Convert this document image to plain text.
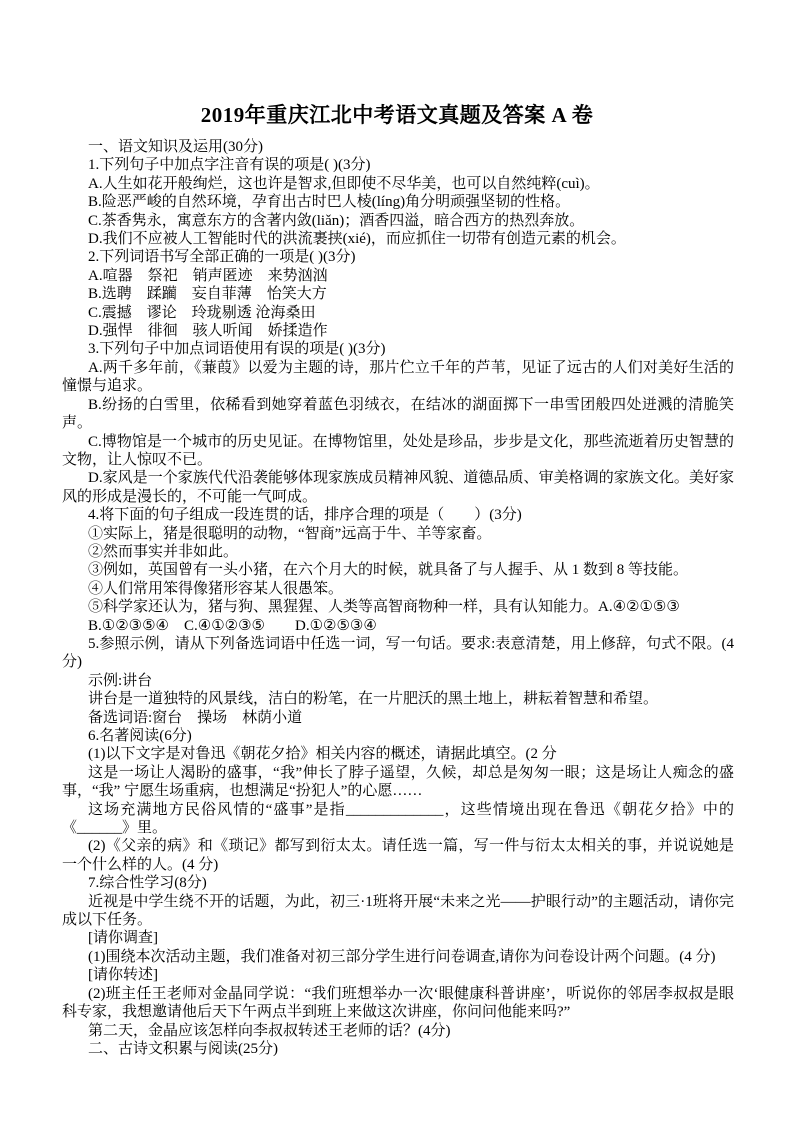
2019年重庆江北中考语文真题及答案 A 卷

一、语文知识及运用(30分)

1.下列句子中加点字注音有误的项是( )(3分)

A.人生如花开般绚烂，这也许是智求,但即使不尽华美，也可以自然纯粹(cuì)。

B.险恶严峻的自然环境，孕育出古时巴人棱(líng)角分明顽强坚韧的性格。

C.茶香隽永，寓意东方的含著内敛(liǎn)；酒香四溢，暗合西方的热烈奔放。

D.我们不应被人工智能时代的洪流裹挟(xié)，而应抓住一切带有创造元素的机会。

2.下列词语书写全部正确的一项是( )(3分)

A.喧器　祭祀　销声匿迹　来势汹汹

B.选聘　蹂躏　妄自菲薄　怡笑大方

C.震撼　谬论　玲珑剔透 沧海桑田

D.强悍　徘徊　骇人听闻　娇揉造作

3.下列句子中加点词语使用有误的项是( )(3分)

A.两千多年前，《蒹葭》以爱为主题的诗，那片伫立千年的芦苇，见证了远古的人们对美好生活的憧憬与追求。

B.纷扬的白雪里，依稀看到她穿着蓝色羽绒衣，在结冰的湖面掷下一串雪团般四处迸溅的清脆笑声。

C.博物馆是一个城市的历史见证。在博物馆里，处处是珍品，步步是文化，那些流逝着历史智慧的文物，让人惊叹不已。

D.家风是一个家族代代沿袭能够体现家族成员精神风貌、道德品质、审美格调的家族文化。美好家风的形成是漫长的，不可能一气呵成。

4.将下面的句子组成一段连贯的话，排序合理的项是（　　）(3分)

①实际上，猪是很聪明的动物，“智商”远高于牛、羊等家畜。

②然而事实并非如此。

③例如，英国曾有一头小猪，在六个月大的时候，就具备了与人握手、从 1 数到 8 等技能。

④人们常用笨得像猪形容某人很愚笨。

⑤科学家还认为，猪与狗、黑猩猩、人类等高智商物种一样，具有认知能力。A.④②①⑤③

B.①②③⑤④　C.④①②③⑤　　D.①②⑤③④

5.参照示例，请从下列备选词语中任选一词，写一句话。要求:表意清楚，用上修辞，句式不限。(4分)

示例:讲台

讲台是一道独特的风景线，洁白的粉笔，在一片肥沃的黑土地上，耕耘着智慧和希望。

备选词语:窗台　操场　林荫小道

6.名著阅读(6分)

(1)以下文字是对鲁迅《朝花夕拾》相关内容的概述，请据此填空。(2 分

这是一场让人渴盼的盛事，“我”伸长了脖子遥望，久候，却总是匆匆一眼；这是场让人痴念的盛事，“我” 宁愿生场重病，也想满足“扮犯人”的心愿……

这场充满地方民俗风情的“盛事”是指_____________，这些情境出现在鲁迅《朝花夕拾》中的《______》里。

(2)《父亲的病》和《琐记》都写到衍太太。请任选一篇，写一件与衍太太相关的事，并说说她是一个什么样的人。(4 分)

7.综合性学习(8分)

近视是中学生绕不开的话题，为此，初三·1班将开展“未来之光——护眼行动”的主题活动，请你完成以下任务。

[请你调查]

(1)围绕本次活动主题，我们准备对初三部分学生进行问卷调查,请你为问卷设计两个问题。(4 分)

[请你转述]

(2)班主任王老师对金晶同学说：“我们班想举办一次‘眼健康科普讲座’，听说你的邻居李叔叔是眼科专家，我想邀请他后天下午两点半到班上来做这次讲座，你问问他能来吗?”

第二天，金晶应该怎样向李叔叔转述王老师的话？(4分)

二、古诗文积累与阅读(25分)
